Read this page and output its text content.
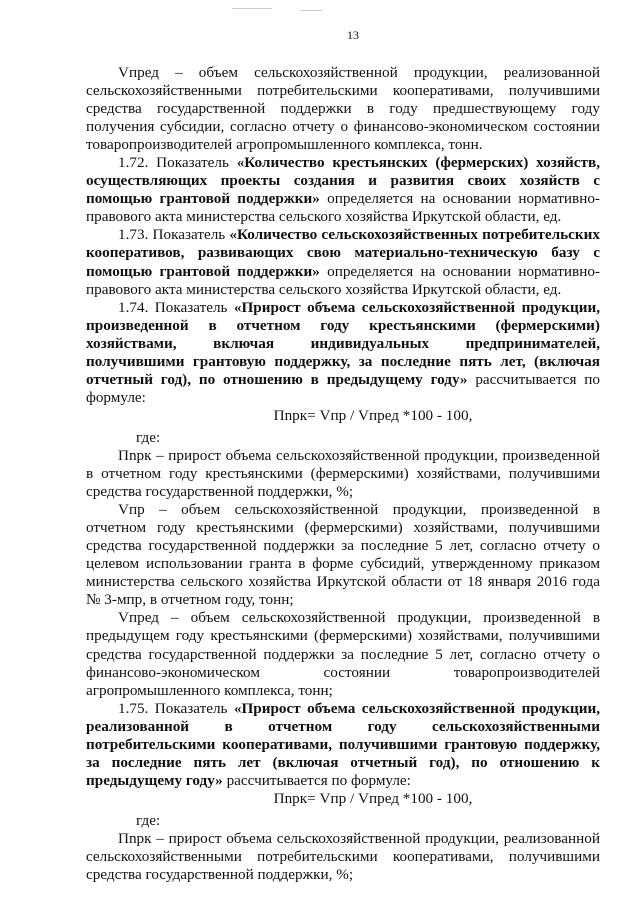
13

Vпред – объем сельскохозяйственной продукции, реализованной сельскохозяйственными потребительскими кооперативами, получившими средства государственной поддержки в году предшествующему году получения субсидии, согласно отчету о финансово-экономическом состоянии товаропроизводителей агропромышленного комплекса, тонн.

1.72. Показатель «Количество крестьянских (фермерских) хозяйств, осуществляющих проекты создания и развития своих хозяйств с помощью грантовой поддержки» определяется на основании нормативно-правового акта министерства сельского хозяйства Иркутской области, ед.

1.73. Показатель «Количество сельскохозяйственных потребительских кооперативов, развивающих свою материально-техническую базу с помощью грантовой поддержки» определяется на основании нормативно-правового акта министерства сельского хозяйства Иркутской области, ед.

1.74. Показатель «Прирост объема сельскохозяйственной продукции, произведенной в отчетном году крестьянскими (фермерскими) хозяйствами, включая индивидуальных предпринимателей, получившими грантовую поддержку, за последние пять лет, (включая отчетный год), по отношению в предыдущему году» рассчитывается по формуле:

Пnрк= Vпр / Vпред *100 - 100,

где:

Пnрк – прирост объема сельскохозяйственной продукции, произведенной в отчетном году крестьянскими (фермерскими) хозяйствами, получившими средства государственной поддержки, %;

Vпр – объем сельскохозяйственной продукции, произведенной в отчетном году крестьянскими (фермерскими) хозяйствами, получившими средства государственной поддержки за последние 5 лет, согласно отчету о целевом использовании гранта в форме субсидий, утвержденному приказом министерства сельского хозяйства Иркутской области от 18 января 2016 года № 3-мпр, в отчетном году, тонн;

Vпред – объем сельскохозяйственной продукции, произведенной в предыдущем году крестьянскими (фермерскими) хозяйствами, получившими средства государственной поддержки за последние 5 лет, согласно отчету о финансово-экономическом состоянии товаропроизводителей агропромышленного комплекса, тонн;

1.75. Показатель «Прирост объема сельскохозяйственной продукции, реализованной в отчетном году сельскохозяйственными потребительскими кооперативами, получившими грантовую поддержку, за последние пять лет (включая отчетный год), по отношению к предыдущему году» рассчитывается по формуле:

Пnрк= Vпр / Vпред *100 - 100,

где:

Пnрк – прирост объема сельскохозяйственной продукции, реализованной сельскохозяйственными потребительскими кооперативами, получившими средства государственной поддержки, %;
